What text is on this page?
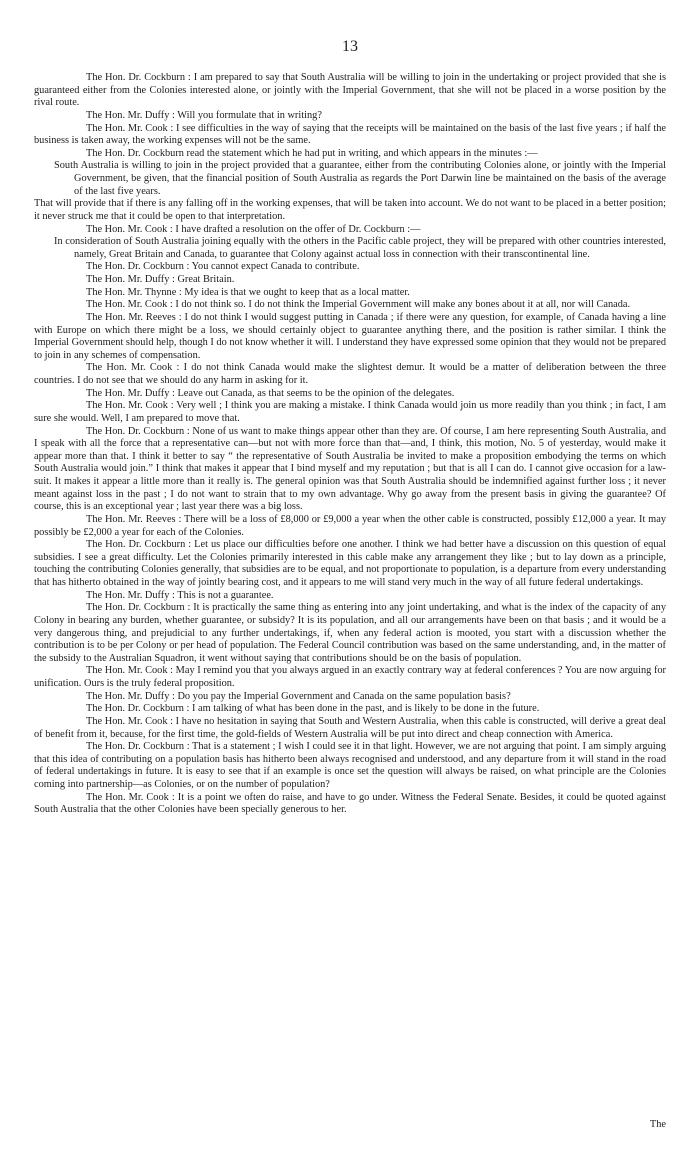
13

The Hon. Dr. Cockburn : I am prepared to say that South Australia will be willing to join in the undertaking or project provided that she is guaranteed either from the Colonies interested alone, or jointly with the Imperial Government, that she will not be placed in a worse position by the rival route.

The Hon. Mr. Duffy : Will you formulate that in writing?

The Hon. Mr. Cook : I see difficulties in the way of saying that the receipts will be maintained on the basis of the last five years ; if half the business is taken away, the working expenses will not be the same.

The Hon. Dr. Cockburn read the statement which he had put in writing, and which appears in the minutes :—

South Australia is willing to join in the project provided that a guarantee, either from the contributing Colonies alone, or jointly with the Imperial Government, be given, that the financial position of South Australia as regards the Port Darwin line be maintained on the basis of the average of the last five years.

That will provide that if there is any falling off in the working expenses, that will be taken into account. We do not want to be placed in a better position; it never struck me that it could be open to that interpretation.

The Hon. Mr. Cook : I have drafted a resolution on the offer of Dr. Cockburn :—

In consideration of South Australia joining equally with the others in the Pacific cable project, they will be prepared with other countries interested, namely, Great Britain and Canada, to guarantee that Colony against actual loss in connection with their transcontinental line.

The Hon. Dr. Cockburn : You cannot expect Canada to contribute.

The Hon. Mr. Duffy : Great Britain.

The Hon. Mr. Thynne : My idea is that we ought to keep that as a local matter.

The Hon. Mr. Cook : I do not think so. I do not think the Imperial Government will make any bones about it at all, nor will Canada.

The Hon. Mr. Reeves : I do not think I would suggest putting in Canada ; if there were any question, for example, of Canada having a line with Europe on which there might be a loss, we should certainly object to guarantee anything there, and the position is rather similar. I think the Imperial Government should help, though I do not know whether it will. I understand they have expressed some opinion that they would not be prepared to join in any schemes of compensation.

The Hon. Mr. Cook : I do not think Canada would make the slightest demur. It would be a matter of deliberation between the three countries. I do not see that we should do any harm in asking for it.

The Hon. Mr. Duffy : Leave out Canada, as that seems to be the opinion of the delegates.

The Hon. Mr. Cook : Very well ; I think you are making a mistake. I think Canada would join us more readily than you think ; in fact, I am sure she would. Well, I am prepared to move that.

The Hon. Dr. Cockburn : None of us want to make things appear other than they are. Of course, I am here representing South Australia, and I speak with all the force that a representative can—but not with more force than that—and, I think, this motion, No. 5 of yesterday, would make it appear more than that. I think it better to say “ the representative of South Australia be invited to make a proposition embodying the terms on which South Australia would join.” I think that makes it appear that I bind myself and my reputation ; but that is all I can do. I cannot give occasion for a law-suit. It makes it appear a little more than it really is. The general opinion was that South Australia should be indemnified against further loss ; it never meant against loss in the past ; I do not want to strain that to my own advantage. Why go away from the present basis in giving the guarantee? Of course, this is an exceptional year ; last year there was a big loss.

The Hon. Mr. Reeves : There will be a loss of £8,000 or £9,000 a year when the other cable is constructed, possibly £12,000 a year. It may possibly be £2,000 a year for each of the Colonies.

The Hon. Dr. Cockburn : Let us place our difficulties before one another. I think we had better have a discussion on this question of equal subsidies. I see a great difficulty. Let the Colonies primarily interested in this cable make any arrangement they like ; but to lay down as a principle, touching the contributing Colonies generally, that subsidies are to be equal, and not proportionate to population, is a departure from every understanding that has hitherto obtained in the way of jointly bearing cost, and it appears to me will stand very much in the way of all future federal undertakings.

The Hon. Mr. Duffy : This is not a guarantee.

The Hon. Dr. Cockburn : It is practically the same thing as entering into any joint undertaking, and what is the index of the capacity of any Colony in bearing any burden, whether guarantee, or subsidy? It is its population, and all our arrangements have been on that basis ; and it would be a very dangerous thing, and prejudicial to any further undertakings, if, when any federal action is mooted, you start with a discussion whether the contribution is to be per Colony or per head of population. The Federal Council contribution was based on the same understanding, and, in the matter of the subsidy to the Australian Squadron, it went without saying that contributions should be on the basis of population.

The Hon. Mr. Cook : May I remind you that you always argued in an exactly contrary way at federal conferences ? You are now arguing for unification. Ours is the truly federal proposition.

The Hon. Mr. Duffy : Do you pay the Imperial Government and Canada on the same population basis?

The Hon. Dr. Cockburn : I am talking of what has been done in the past, and is likely to be done in the future.

The Hon. Mr. Cook : I have no hesitation in saying that South and Western Australia, when this cable is constructed, will derive a great deal of benefit from it, because, for the first time, the gold-fields of Western Australia will be put into direct and cheap connection with America.

The Hon. Dr. Cockburn : That is a statement ; I wish I could see it in that light. However, we are not arguing that point. I am simply arguing that this idea of contributing on a population basis has hitherto been always recognised and understood, and any departure from it will stand in the road of federal undertakings in future. It is easy to see that if an example is once set the question will always be raised, on what principle are the Colonies coming into partnership—as Colonies, or on the number of population?

The Hon. Mr. Cook : It is a point we often do raise, and have to go under. Witness the Federal Senate. Besides, it could be quoted against South Australia that the other Colonies have been specially generous to her.

The
